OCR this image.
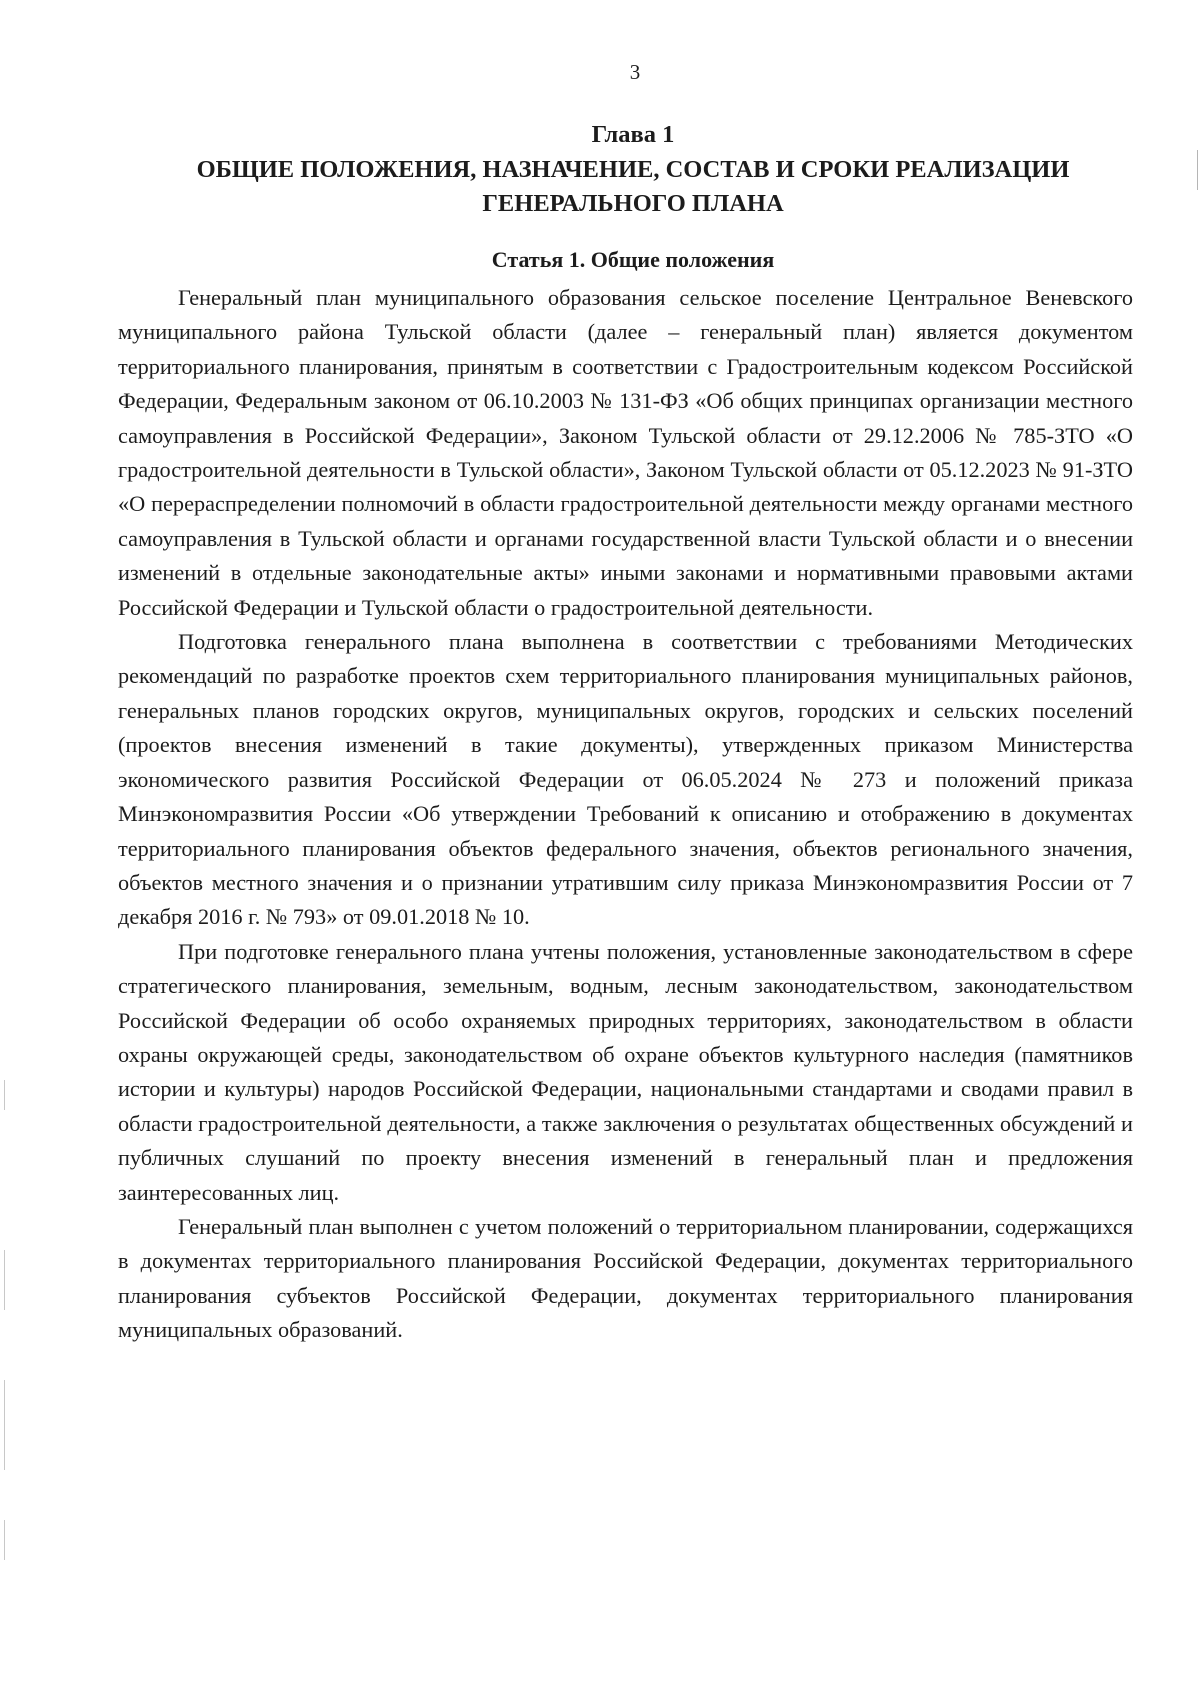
3
Глава 1
ОБЩИЕ ПОЛОЖЕНИЯ, НАЗНАЧЕНИЕ, СОСТАВ И СРОКИ РЕАЛИЗАЦИИ ГЕНЕРАЛЬНОГО ПЛАНА
Статья 1. Общие положения

Генеральный план муниципального образования сельское поселение Центральное Веневского муниципального района Тульской области (далее – генеральный план) является документом территориального планирования, принятым в соответствии с Градостроительным кодексом Российской Федерации, Федеральным законом от 06.10.2003 № 131-ФЗ «Об общих принципах организации местного самоуправления в Российской Федерации», Законом Тульской области от 29.12.2006 № 785-ЗТО «О градостроительной деятельности в Тульской области», Законом Тульской области от 05.12.2023 № 91-ЗТО «О перераспределении полномочий в области градостроительной деятельности между органами местного самоуправления в Тульской области и органами государственной власти Тульской области и о внесении изменений в отдельные законодательные акты» иными законами и нормативными правовыми актами Российской Федерации и Тульской области о градостроительной деятельности.

Подготовка генерального плана выполнена в соответствии с требованиями Методических рекомендаций по разработке проектов схем территориального планирования муниципальных районов, генеральных планов городских округов, муниципальных округов, городских и сельских поселений (проектов внесения изменений в такие документы), утвержденных приказом Министерства экономического развития Российской Федерации от 06.05.2024 № 273 и положений приказа Минэкономразвития России «Об утверждении Требований к описанию и отображению в документах территориального планирования объектов федерального значения, объектов регионального значения, объектов местного значения и о признании утратившим силу приказа Минэкономразвития России от 7 декабря 2016 г. № 793» от 09.01.2018 № 10.

При подготовке генерального плана учтены положения, установленные законодательством в сфере стратегического планирования, земельным, водным, лесным законодательством, законодательством Российской Федерации об особо охраняемых природных территориях, законодательством в области охраны окружающей среды, законодательством об охране объектов культурного наследия (памятников истории и культуры) народов Российской Федерации, национальными стандартами и сводами правил в области градостроительной деятельности, а также заключения о результатах общественных обсуждений и публичных слушаний по проекту внесения изменений в генеральный план и предложения заинтересованных лиц.

Генеральный план выполнен с учетом положений о территориальном планировании, содержащихся в документах территориального планирования Российской Федерации, документах территориального планирования субъектов Российской Федерации, документах территориального планирования муниципальных образований.
